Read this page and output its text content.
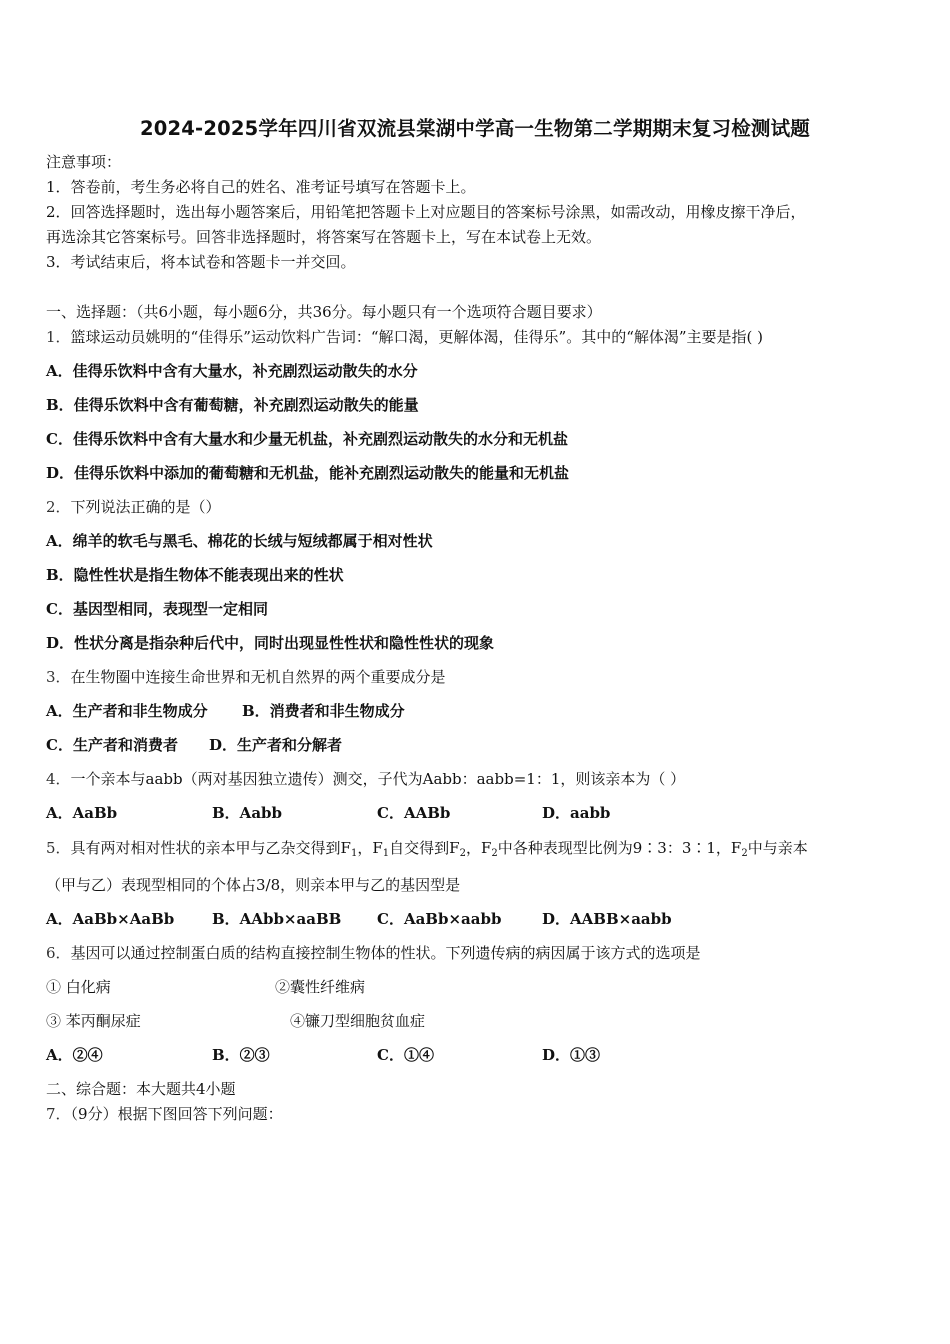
2024-2025学年四川省双流县棠湖中学高一生物第二学期期末复习检测试题
注意事项：
1．答卷前，考生务必将自己的姓名、准考证号填写在答题卡上。
2．回答选择题时，选出每小题答案后，用铅笔把答题卡上对应题目的答案标号涂黑，如需改动，用橡皮擦干净后，
再选涂其它答案标号。回答非选择题时，将答案写在答题卡上，写在本试卷上无效。
3．考试结束后，将本试卷和答题卡一并交回。
一、选择题：（共6小题，每小题6分，共36分。每小题只有一个选项符合题目要求）
1．篮球运动员姚明的“佳得乐”运动饮料广告词：“解口渴，更解体渴，佳得乐”。其中的“解体渴”主要是指( )
A．佳得乐饮料中含有大量水，补充剧烈运动散失的水分
B．佳得乐饮料中含有葡萄糖，补充剧烈运动散失的能量
C．佳得乐饮料中含有大量水和少量无机盐，补充剧烈运动散失的水分和无机盐
D．佳得乐饮料中添加的葡萄糖和无机盐，能补充剧烈运动散失的能量和无机盐
2．下列说法正确的是（）
A．绵羊的软毛与黑毛、棉花的长绒与短绒都属于相对性状
B．隐性性状是指生物体不能表现出来的性状
C．基因型相同，表现型一定相同
D．性状分离是指杂种后代中，同时出现显性性状和隐性性状的现象
3．在生物圈中连接生命世界和无机自然界的两个重要成分是
A．生产者和非生物成分 B．消费者和非生物成分
C．生产者和消费者 D．生产者和分解者
4．一个亲本与aabb（两对基因独立遗传）测交，子代为Aabb：aabb=1：1，则该亲本为（ ）
A．AaBb	B．Aabb	C．AABb	D．aabb
5．具有两对相对性状的亲本甲与乙杂交得到$F_1$，$F_1$自交得到$F_2$，$F_2$中各种表现型比例为9∶3：3∶1，$F_2$中与亲本
（甲与乙）表现型相同的个体占3/8，则亲本甲与乙的基因型是
A．AaBb×AaBb	B．AAbb×aaBB C．AaBb×aabb	D．AABB×aabb
6．基因可以通过控制蛋白质的结构直接控制生物体的性状。下列遗传病的病因属于该方式的选项是
① 白化病	②囊性纤维病
③ 苯丙酮尿症	④镰刀型细胞贫血症
A．②④	B．②③	C．①④	D．①③
二、综合题：本大题共4小题
7．（9分）根据下图回答下列问题：
